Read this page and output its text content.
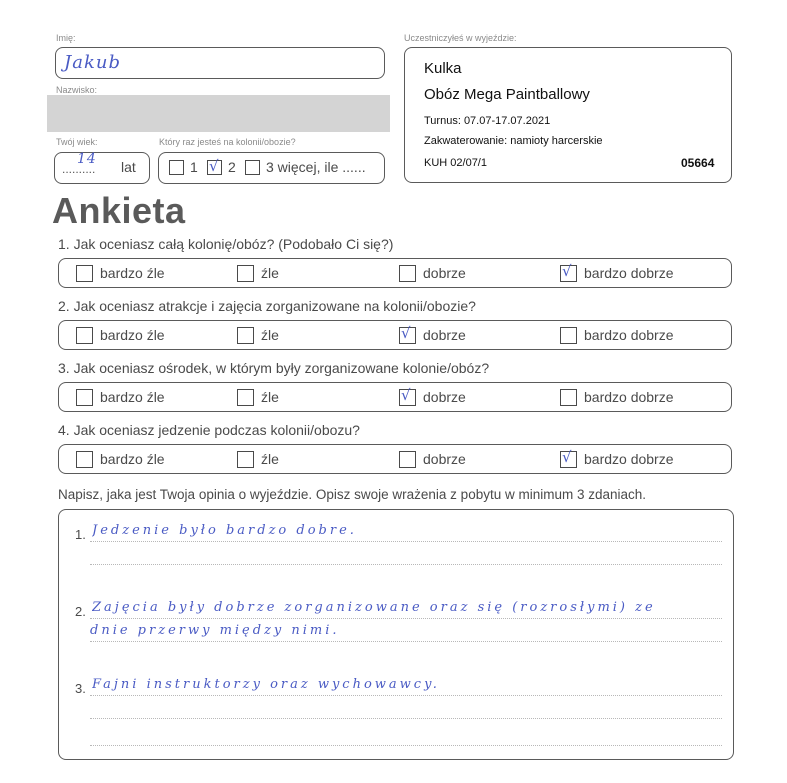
Imię:
Jakub
Nazwisko:
Twój wiek:
14
.......... lat
Który raz jesteś na kolonii/obozie?
1 √ 2 3 więcej, ile ......
Uczestniczyłeś w wyjeździe:
Kulka
Obóz Mega Paintballowy
Turnus: 07.07-17.07.2021
Zakwaterowanie: namioty harcerskie
KUH 02/07/1	05664
Ankieta
1. Jak oceniasz całą kolonię/obóz? (Podobało Ci się?)
bardzo źle	źle	dobrze	√ bardzo dobrze
2. Jak oceniasz atrakcje i zajęcia zorganizowane na kolonii/obozie?
bardzo źle	źle	√ dobrze	bardzo dobrze
3. Jak oceniasz ośrodek, w którym były zorganizowane kolonie/obóz?
bardzo źle	źle	√ dobrze	bardzo dobrze
4. Jak oceniasz jedzenie podczas kolonii/obozu?
bardzo źle	źle	dobrze	√ bardzo dobrze
Napisz, jaka jest Twoja opinia o wyjeździe. Opisz swoje wrażenia z pobytu w minimum 3 zdaniach.
1. Jedzenie było bardzo dobre.
2. Zajęcia były dobrze zorganizowane oraz się (rozrosłymi) ze
dnie przerwy między nimi.
3. Fajni instruktorzy oraz wychowawcy.
